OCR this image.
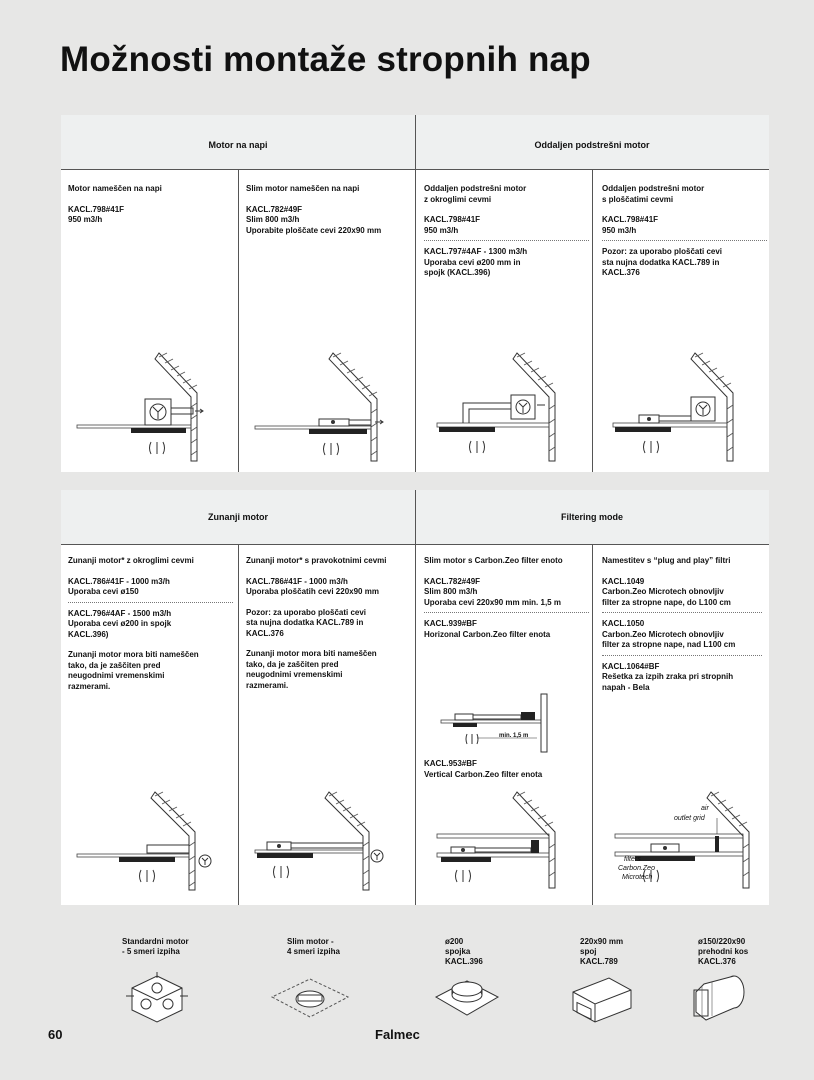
Možnosti montaže stropnih nap
Motor na napi	Oddaljen podstrešni motor

Motor nameščen na napi

KACL.798#41F
950 m3/h

Slim motor nameščen na napi

KACL.782#49F
Slim 800 m3/h
Uporabite ploščate cevi 220x90 mm

Oddaljen podstrešni motor
z okroglimi cevmi

KACL.798#41F
950 m3/h

KACL.797#4AF - 1300 m3/h
Uporaba cevi ø200 mm in
spojk (KACL.396)

Oddaljen podstrešni motor
s ploščatimi cevmi

KACL.798#41F
950 m3/h

Pozor: za uporabo ploščati cevi
sta nujna dodatka KACL.789 in
KACL.376

Zunanji motor	Filtering mode

Zunanji motor* z okroglimi cevmi

KACL.786#41F - 1000 m3/h
Uporaba cevi ø150

KACL.796#4AF - 1500 m3/h
Uporaba cevi ø200 in spojk
KACL.396)

Zunanji motor mora biti nameščen
tako, da je zaščiten pred
neugodnimi vremenskimi
razmerami.

Zunanji motor* s pravokotnimi cevmi

KACL.786#41F - 1000 m3/h
Uporaba ploščatih cevi 220x90 mm

Pozor: za uporabo ploščati cevi
sta nujna dodatka KACL.789 in
KACL.376

Zunanji motor mora biti nameščen
tako, da je zaščiten pred
neugodnimi vremenskimi
razmerami.

Slim motor s Carbon.Zeo filter enoto

KACL.782#49F
Slim 800 m3/h
Uporaba cevi 220x90 mm min. 1,5 m

KACL.939#BF
Horizonal Carbon.Zeo filter enota

KACL.953#BF
Vertical Carbon.Zeo filter enota

Namestitev s “plug and play” filtri

KACL.1049
Carbon.Zeo Microtech obnovljiv
filter za stropne nape, do L100 cm

KACL.1050
Carbon.Zeo Microtech obnovljiv
filter za stropne nape, nad L100 cm

KACL.1064#BF
Rešetka za izpih zraka pri stropnih
napah - Bela

min. 1,5 m
air
outlet grid
filters
Carbon.Zeo
Microtech
Standardni motor
- 5 smeri izpiha
Slim motor -
4 smeri izpiha
ø200
spojka
KACL.396
220x90 mm
spoj
KACL.789
ø150/220x90
prehodni kos
KACL.376
60	Falmec
